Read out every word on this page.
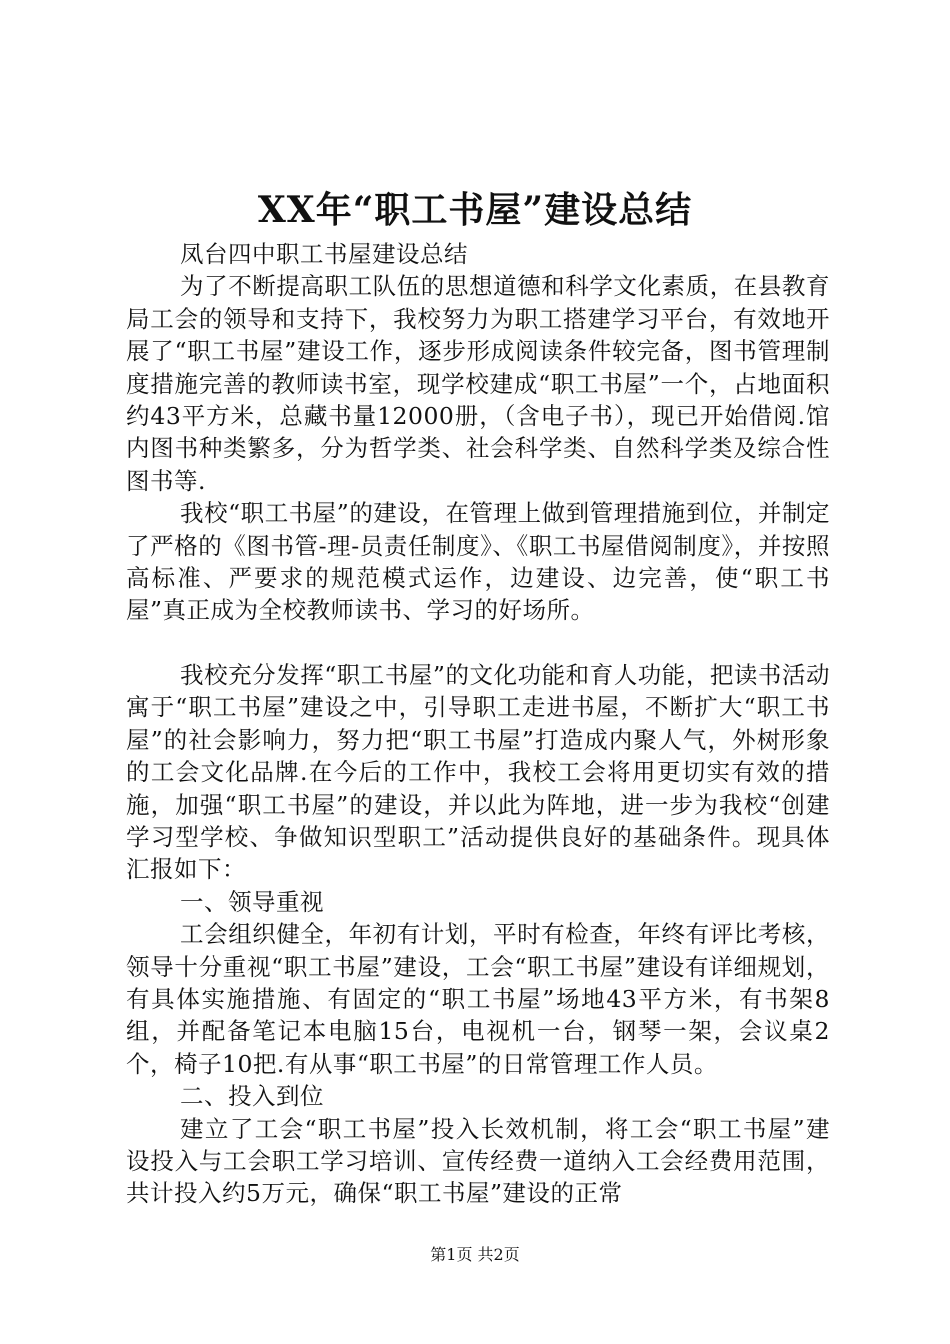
XX年“职工书屋”建设总结

凤台四中职工书屋建设总结

为了不断提高职工队伍的思想道德和科学文化素质，在县教育局工会的领导和支持下，我校努力为职工搭建学习平台，有效地开展了“职工书屋”建设工作，逐步形成阅读条件较完备，图书管理制度措施完善的教师读书室，现学校建成“职工书屋”一个，占地面积约43平方米，总藏书量12000册，（含电子书），现已开始借阅.馆内图书种类繁多，分为哲学类、社会科学类、自然科学类及综合性图书等.

我校“职工书屋”的建设，在管理上做到管理措施到位，并制定了严格的《图书管-理-员责任制度》、《职工书屋借阅制度》，并按照高标准、严要求的规范模式运作，边建设、边完善，使“职工书屋”真正成为全校教师读书、学习的好场所。

我校充分发挥“职工书屋”的文化功能和育人功能，把读书活动寓于“职工书屋”建设之中，引导职工走进书屋，不断扩大“职工书屋”的社会影响力，努力把“职工书屋”打造成内聚人气，外树形象的工会文化品牌.在今后的工作中，我校工会将用更切实有效的措施，加强“职工书屋”的建设，并以此为阵地，进一步为我校“创建学习型学校、争做知识型职工”活动提供良好的基础条件。现具体汇报如下：

一、领导重视

工会组织健全，年初有计划，平时有检查，年终有评比考核，领导十分重视“职工书屋”建设，工会“职工书屋”建设有详细规划，有具体实施措施、有固定的“职工书屋”场地43平方米，有书架8组，并配备笔记本电脑15台，电视机一台，钢琴一架，会议桌2个，椅子10把.有从事“职工书屋”的日常管理工作人员。

二、投入到位

建立了工会“职工书屋”投入长效机制，将工会“职工书屋”建设投入与工会职工学习培训、宣传经费一道纳入工会经费用范围，共计投入约5万元，确保“职工书屋”建设的正常

第1页 共2页
